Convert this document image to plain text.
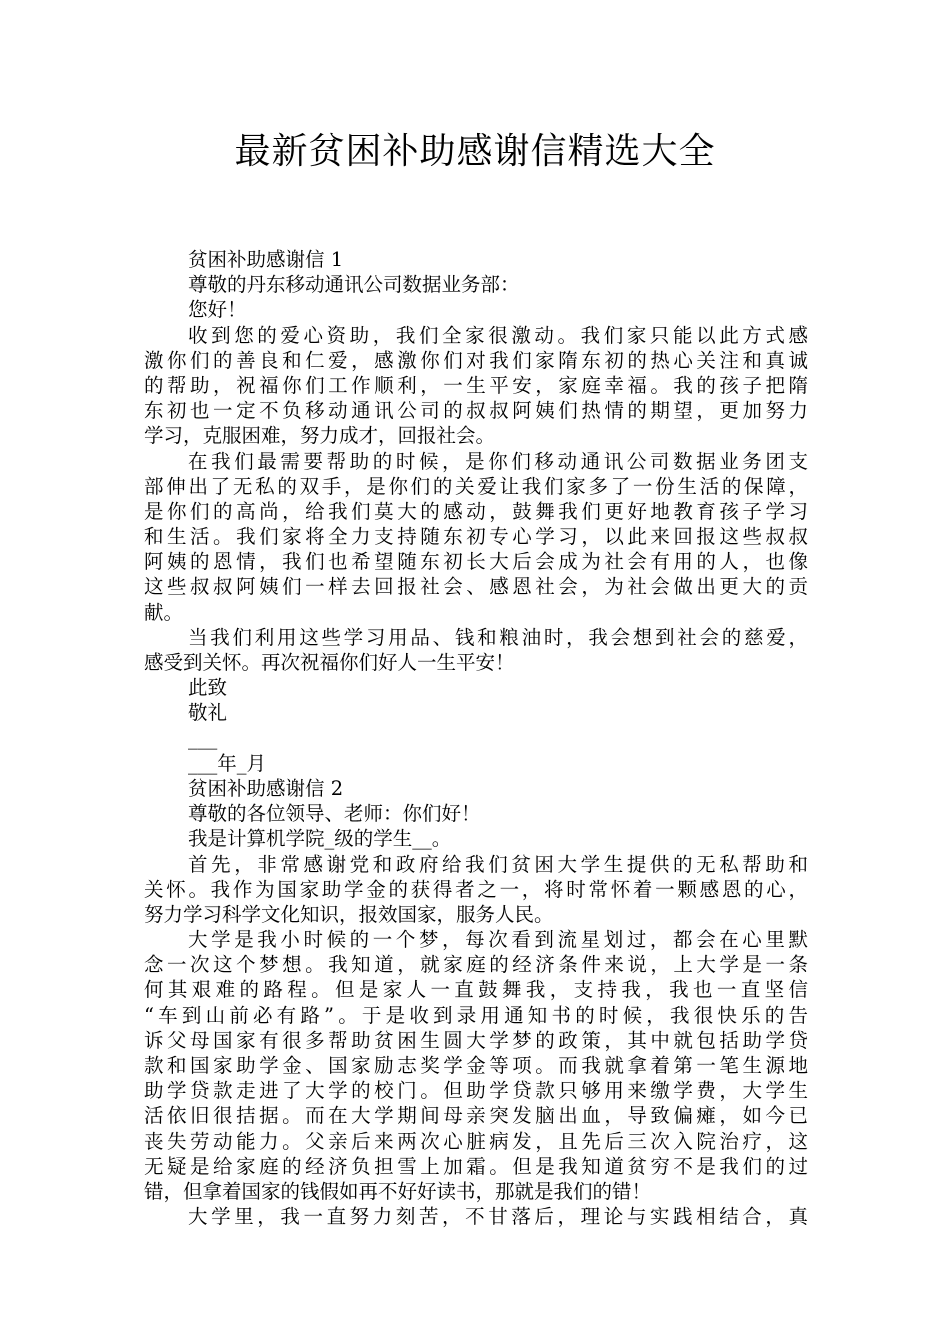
最新贫困补助感谢信精选大全
贫困补助感谢信 1
尊敬的丹东移动通讯公司数据业务部：
您好！
收到您的爱心资助，我们全家很激动。我们家只能以此方式感
激你们的善良和仁爱，感激你们对我们家隋东初的热心关注和真诚
的帮助，祝福你们工作顺利，一生平安，家庭幸福。我的孩子把隋
东初也一定不负移动通讯公司的叔叔阿姨们热情的期望，更加努力
学习，克服困难，努力成才，回报社会。
在我们最需要帮助的时候，是你们移动通讯公司数据业务团支
部伸出了无私的双手，是你们的关爱让我们家多了一份生活的保障，
是你们的高尚，给我们莫大的感动，鼓舞我们更好地教育孩子学习
和生活。我们家将全力支持随东初专心学习，以此来回报这些叔叔
阿姨的恩情，我们也希望随东初长大后会成为社会有用的人，也像
这些叔叔阿姨们一样去回报社会、感恩社会，为社会做出更大的贡
献。
当我们利用这些学习用品、钱和粮油时，我会想到社会的慈爱，
感受到关怀。再次祝福你们好人一生平安！
此致
敬礼
___
___年_月
贫困补助感谢信 2
尊敬的各位领导、老师：你们好！
我是计算机学院_级的学生__。
首先，非常感谢党和政府给我们贫困大学生提供的无私帮助和
关怀。我作为国家助学金的获得者之一，将时常怀着一颗感恩的心，
努力学习科学文化知识，报效国家，服务人民。
大学是我小时候的一个梦，每次看到流星划过，都会在心里默
念一次这个梦想。我知道，就家庭的经济条件来说，上大学是一条
何其艰难的路程。但是家人一直鼓舞我，支持我，我也一直坚信
“车到山前必有路”。于是收到录用通知书的时候，我很快乐的告
诉父母国家有很多帮助贫困生圆大学梦的政策，其中就包括助学贷
款和国家助学金、国家励志奖学金等项。而我就拿着第一笔生源地
助学贷款走进了大学的校门。但助学贷款只够用来缴学费，大学生
活依旧很拮据。而在大学期间母亲突发脑出血，导致偏瘫，如今已
丧失劳动能力。父亲后来两次心脏病发，且先后三次入院治疗，这
无疑是给家庭的经济负担雪上加霜。但是我知道贫穷不是我们的过
错，但拿着国家的钱假如再不好好读书，那就是我们的错！
大学里，我一直努力刻苦，不甘落后，理论与实践相结合，真
